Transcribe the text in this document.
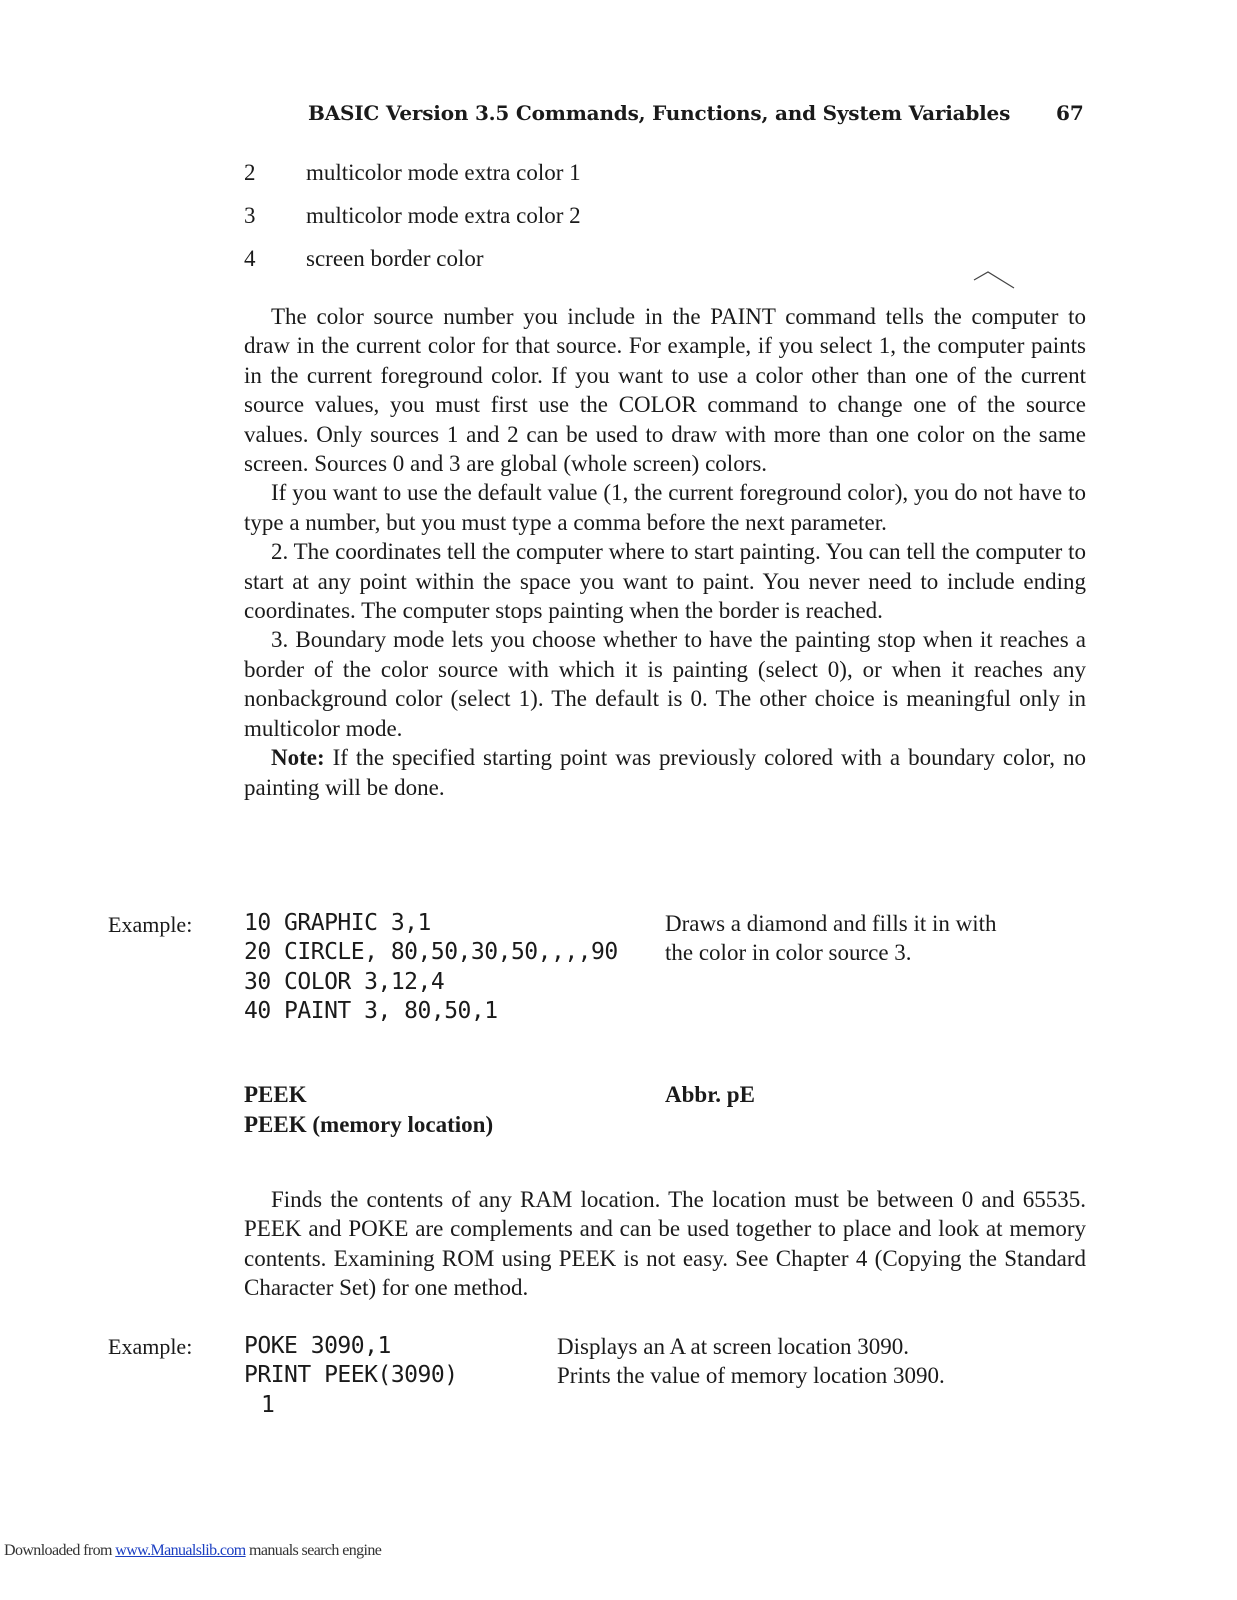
BASIC Version 3.5 Commands, Functions, and System Variables 67
2 multicolor mode extra color 1
3 multicolor mode extra color 2
4 screen border color
The color source number you include in the PAINT command tells the computer to draw in the current color for that source. For example, if you select 1, the computer paints in the current foreground color. If you want to use a color other than one of the current source values, you must first use the COLOR command to change one of the source values. Only sources 1 and 2 can be used to draw with more than one color on the same screen. Sources 0 and 3 are global (whole screen) colors.
If you want to use the default value (1, the current foreground color), you do not have to type a number, but you must type a comma before the next parameter.
2. The coordinates tell the computer where to start painting. You can tell the computer to start at any point within the space you want to paint. You never need to include ending coordinates. The computer stops painting when the border is reached.
3. Boundary mode lets you choose whether to have the painting stop when it reaches a border of the color source with which it is painting (select 0), or when it reaches any nonbackground color (select 1). The default is 0. The other choice is meaningful only in multicolor mode.
Note: If the specified starting point was previously colored with a boundary color, no painting will be done.
Example: 10 GRAPHIC 3,1
20 CIRCLE, 80,50,30,50,,,,90
30 COLOR 3,12,4
40 PAINT 3, 80,50,1
Draws a diamond and fills it in with
the color in color source 3.
PEEK
PEEK (memory location)
Abbr. pE
Finds the contents of any RAM location. The location must be between 0 and 65535. PEEK and POKE are complements and can be used together to place and look at memory contents. Examining ROM using PEEK is not easy. See Chapter 4 (Copying the Standard Character Set) for one method.
Example: POKE 3090,1
PRINT PEEK(3090)
1
Displays an A at screen location 3090.
Prints the value of memory location 3090.
Downloaded from www.Manualslib.com manuals search engine
